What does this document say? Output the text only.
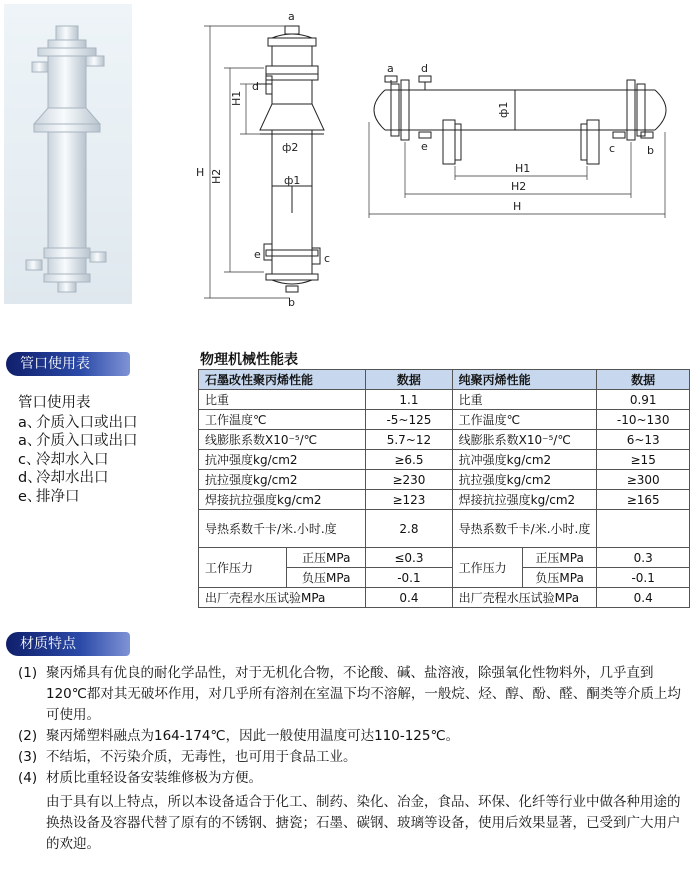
a
d
H1
ф2
ф1
H2
H
e	c
b
a d
ф1
e	c	b
H1
H2
H
管口使用表
管口使用表
a、
介质入口或出口
a、
介质入口或出口
c、
冷却水入口
d、
冷却水出口
e、
排净口
物理机械性能表
石墨改性聚丙烯性能		数据	纯聚丙烯性能		数据
比重		1.1	比重		0.91
工作温度℃		-5~125	工作温度℃		-10~130
线膨胀系数X10⁻⁵/℃		5.7~12	线膨胀系数X10⁻⁵/℃		6~13
抗冲强度kg/cm2		≥6.5	抗冲强度kg/cm2		≥15
抗拉强度kg/cm2		≥230	抗拉强度kg/cm2		≥300
焊接抗拉强度kg/cm2		≥123	焊接抗拉强度kg/cm2		≥165
导热系数千卡/米.小时.度		2.8	导热系数千卡/米.小时.度		
工作压力	正压MPa	≤0.3	工作压力	正压MPa	0.3
	负压MPa	-0.1		负压MPa	-0.1
出厂壳程水压试验MPa		0.4	出厂壳程水压试验MPa		0.4
材质特点
(1) 聚丙烯具有优良的耐化学品性，对于无机化合物，不论酸、碱、盐溶液，除强氧化性物料外，几乎直到120℃都对其无破坏作用，对几乎所有溶剂在室温下均不溶解，一般烷、烃、醇、酚、醛、酮类等介质上均可使用。
(2) 聚丙烯塑料融点为164-174℃，因此一般使用温度可达110-125℃。
(3) 不结垢，不污染介质，无毒性，也可用于食品工业。
(4) 材质比重轻设备安装维修极为方便。
由于具有以上特点，所以本设备适合于化工、制药、染化、冶金，食品、环保、化纤等行业中做各种用途的换热设备及容器代替了原有的不锈钢、搪瓷；石墨、碳钢、玻璃等设备，使用后效果显著，已受到广大用户的欢迎。
